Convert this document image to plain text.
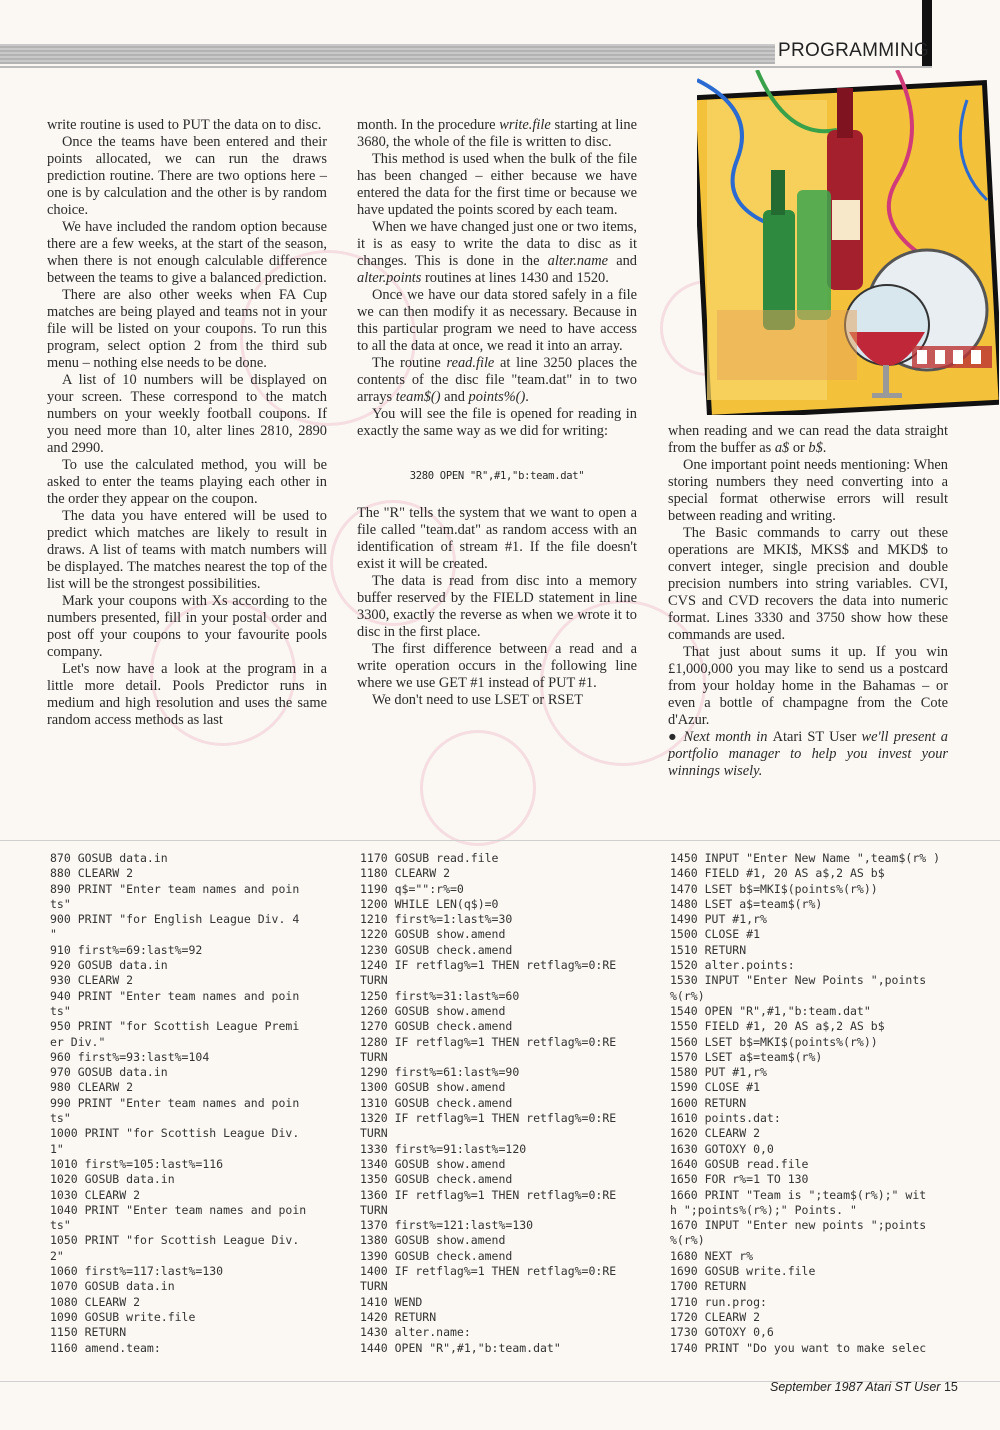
PROGRAMMING

write routine is used to PUT the data on to disc.

Once the teams have been entered and their points allocated, we can run the draws prediction routine. There are two options here – one is by calculation and the other is by random choice.

We have included the random option because there are a few weeks, at the start of the season, when there is not enough calculable difference between the teams to give a balanced prediction.

There are also other weeks when FA Cup matches are being played and teams not in your file will be listed on your coupons. To run this program, select option 2 from the third sub menu – nothing else needs to be done.

A list of 10 numbers will be displayed on your screen. These correspond to the match numbers on your weekly football coupons. If you need more than 10, alter lines 2810, 2890 and 2990.

To use the calculated method, you will be asked to enter the teams playing each other in the order they appear on the coupon.

The data you have entered will be used to predict which matches are likely to result in draws. A list of teams with match numbers will be displayed. The matches nearest the top of the list will be the strongest possibilities.

Mark your coupons with Xs according to the numbers presented, fill in your postal order and post off your coupons to your favourite pools company.

Let's now have a look at the program in a little more detail. Pools Predictor runs in medium and high resolution and uses the same random access methods as last

month. In the procedure write.file starting at line 3680, the whole of the file is written to disc.

This method is used when the bulk of the file has been changed – either because we have entered the data for the first time or because we have updated the points scored by each team.

When we have changed just one or two items, it is as easy to write the data to disc as it changes. This is done in the alter.name and alter.points routines at lines 1430 and 1520.

Once we have our data stored safely in a file we can then modify it as necessary. Because in this particular program we need to have access to all the data at once, we read it into an array.

The routine read.file at line 3250 places the contents of the disc file "team.dat" in to two arrays team$() and points%().

You will see the file is opened for reading in exactly the same way as we did for writing:

3280 OPEN "R",#1,"b:team.dat"

The "R" tells the system that we want to open a file called "team.dat" as random access with an identification of stream #1. If the file doesn't exist it will be created.

The data is read from disc into a memory buffer reserved by the FIELD statement in line 3300, exactly the reverse as when we wrote it to disc in the first place.

The first difference between a read and a write operation occurs in the following line where we use GET #1 instead of PUT #1.

We don't need to use LSET or RSET

when reading and we can read the data straight from the buffer as a$ or b$.

One important point needs mentioning: When storing numbers they need converting into a special format otherwise errors will result between reading and writing.

The Basic commands to carry out these operations are MKI$, MKS$ and MKD$ to convert integer, single precision and double precision numbers into string variables. CVI, CVS and CVD recovers the data into numeric format. Lines 3330 and 3750 show how these commands are used.

That just about sums it up. If you win £1,000,000 you may like to send us a postcard from your holday home in the Bahamas – or even a bottle of champagne from the Cote d'Azur.

● Next month in Atari ST User we'll present a portfolio manager to help you invest your winnings wisely.

870 GOSUB data.in
880 CLEARW 2
890 PRINT "Enter team names and poin
ts"
900 PRINT "for English League Div. 4
"
910 first%=69:last%=92
920 GOSUB data.in
930 CLEARW 2
940 PRINT "Enter team names and poin
ts"
950 PRINT "for Scottish League Premi
er Div."
960 first%=93:last%=104
970 GOSUB data.in
980 CLEARW 2
990 PRINT "Enter team names and poin
ts"
1000 PRINT "for Scottish League Div.
1"
1010 first%=105:last%=116
1020 GOSUB data.in
1030 CLEARW 2
1040 PRINT "Enter team names and poin
ts"
1050 PRINT "for Scottish League Div.
2"
1060 first%=117:last%=130
1070 GOSUB data.in
1080 CLEARW 2
1090 GOSUB write.file
1150 RETURN
1160 amend.team:

1170 GOSUB read.file
1180 CLEARW 2
1190 q$="":r%=0
1200 WHILE LEN(q$)=0
1210 first%=1:last%=30
1220 GOSUB show.amend
1230 GOSUB check.amend
1240 IF retflag%=1 THEN retflag%=0:RE
TURN
1250 first%=31:last%=60
1260 GOSUB show.amend
1270 GOSUB check.amend
1280 IF retflag%=1 THEN retflag%=0:RE
TURN
1290 first%=61:last%=90
1300 GOSUB show.amend
1310 GOSUB check.amend
1320 IF retflag%=1 THEN retflag%=0:RE
TURN
1330 first%=91:last%=120
1340 GOSUB show.amend
1350 GOSUB check.amend
1360 IF retflag%=1 THEN retflag%=0:RE
TURN
1370 first%=121:last%=130
1380 GOSUB show.amend
1390 GOSUB check.amend
1400 IF retflag%=1 THEN retflag%=0:RE
TURN
1410 WEND
1420 RETURN
1430 alter.name:
1440 OPEN "R",#1,"b:team.dat"

1450 INPUT "Enter New Name ",team$(r% )
1460 FIELD #1, 20 AS a$,2 AS b$
1470 LSET b$=MKI$(points%(r%))
1480 LSET a$=team$(r%)
1490 PUT #1,r%
1500 CLOSE #1
1510 RETURN
1520 alter.points:
1530 INPUT "Enter New Points ",points
%(r%)
1540 OPEN "R",#1,"b:team.dat"
1550 FIELD #1, 20 AS a$,2 AS b$
1560 LSET b$=MKI$(points%(r%))
1570 LSET a$=team$(r%)
1580 PUT #1,r%
1590 CLOSE #1
1600 RETURN
1610 points.dat:
1620 CLEARW 2
1630 GOTOXY 0,0
1640 GOSUB read.file
1650 FOR r%=1 TO 130
1660 PRINT "Team is ";team$(r%);" wit
h ";points%(r%);" Points. "
1670 INPUT "Enter new points ";points
%(r%)
1680 NEXT r%
1690 GOSUB write.file
1700 RETURN
1710 run.prog:
1720 CLEARW 2
1730 GOTOXY 0,6
1740 PRINT "Do you want to make selec

September 1987 Atari ST User 15
